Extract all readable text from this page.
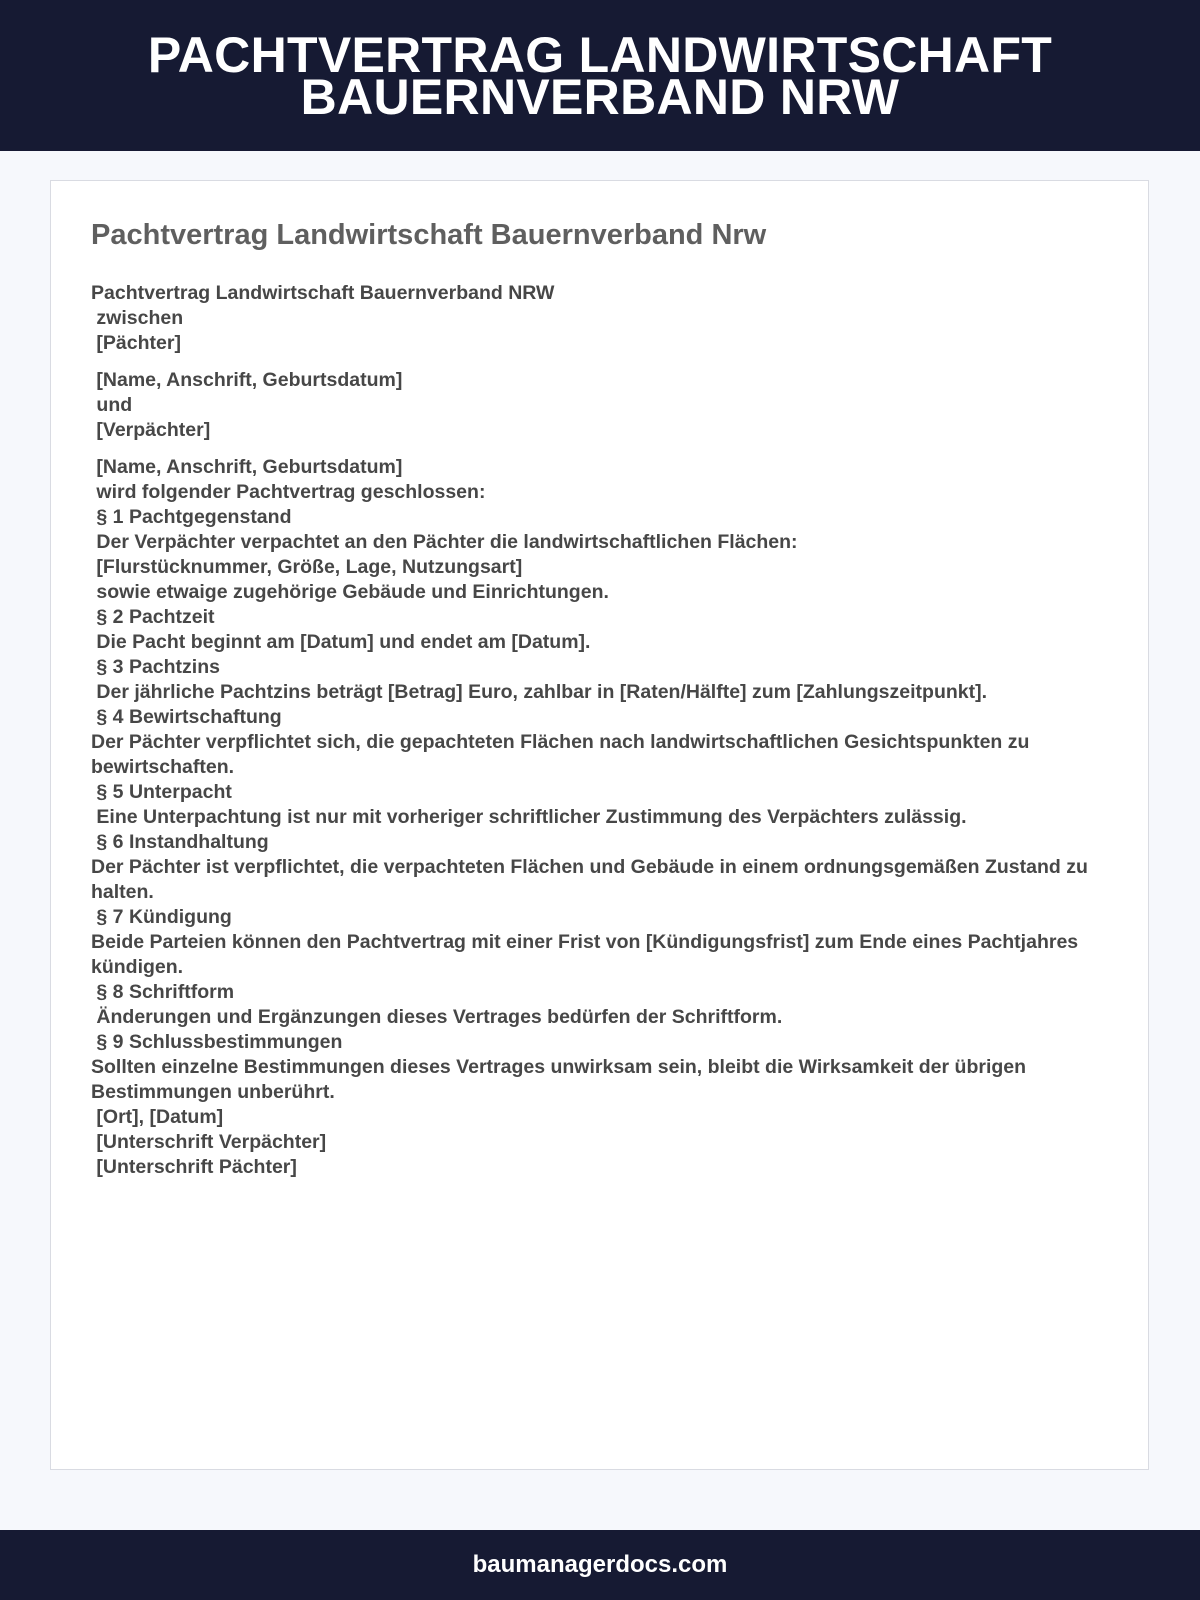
PACHTVERTRAG LANDWIRTSCHAFT BAUERNVERBAND NRW
Pachtvertrag Landwirtschaft Bauernverband Nrw
Pachtvertrag Landwirtschaft Bauernverband NRW
zwischen
[Pächter]
[Name, Anschrift, Geburtsdatum]
und
[Verpächter]
[Name, Anschrift, Geburtsdatum]
wird folgender Pachtvertrag geschlossen:
§ 1 Pachtgegenstand
Der Verpächter verpachtet an den Pächter die landwirtschaftlichen Flächen:
[Flurstücknummer, Größe, Lage, Nutzungsart]
sowie etwaige zugehörige Gebäude und Einrichtungen.
§ 2 Pachtzeit
Die Pacht beginnt am [Datum] und endet am [Datum].
§ 3 Pachtzins
Der jährliche Pachtzins beträgt [Betrag] Euro, zahlbar in [Raten/Hälfte] zum [Zahlungszeitpunkt].
§ 4 Bewirtschaftung
Der Pächter verpflichtet sich, die gepachteten Flächen nach landwirtschaftlichen Gesichtspunkten zu bewirtschaften.
§ 5 Unterpacht
Eine Unterpachtung ist nur mit vorheriger schriftlicher Zustimmung des Verpächters zulässig.
§ 6 Instandhaltung
Der Pächter ist verpflichtet, die verpachteten Flächen und Gebäude in einem ordnungsgemäßen Zustand zu halten.
§ 7 Kündigung
Beide Parteien können den Pachtvertrag mit einer Frist von [Kündigungsfrist] zum Ende eines Pachtjahres kündigen.
§ 8 Schriftform
Änderungen und Ergänzungen dieses Vertrages bedürfen der Schriftform.
§ 9 Schlussbestimmungen
Sollten einzelne Bestimmungen dieses Vertrages unwirksam sein, bleibt die Wirksamkeit der übrigen Bestimmungen unberührt.
[Ort], [Datum]
[Unterschrift Verpächter]
[Unterschrift Pächter]
baumanagerdocs.com
